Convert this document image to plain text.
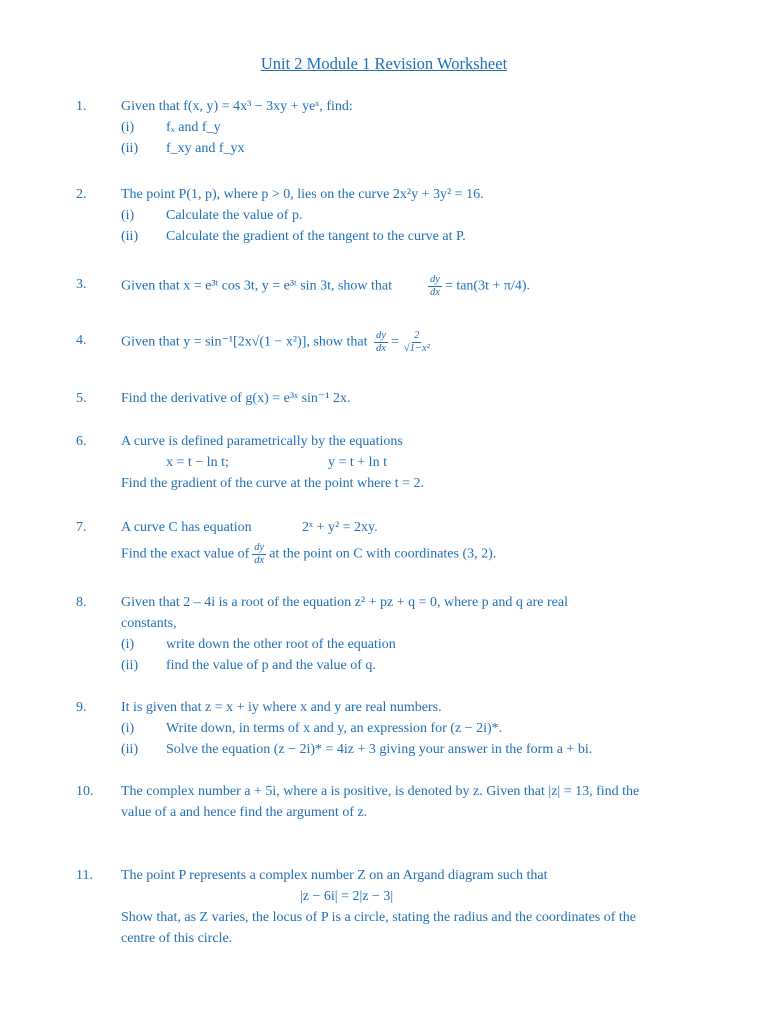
Unit 2 Module 1 Revision Worksheet
1. Given that f(x, y) = 4x³ − 3xy + yeˣ, find:
(i) fₓ and f_y
(ii) f_xy and f_yx
2. The point P(1, p), where p > 0, lies on the curve 2x²y + 3y² = 16.
(i) Calculate the value of p.
(ii) Calculate the gradient of the tangent to the curve at P.
3. Given that x = e³ᵗ cos 3t, y = e³ᵗ sin 3t, show that	$\frac{dy}{dx} = \tan(3t + \pi/4)$.
4. Given that y = sin⁻¹[2x√(1 − x²)], show that $\frac{dy}{dx} = \frac{2}{\text{√1−x²}}$
5. Find the derivative of g(x) = e³ˣ sin⁻¹ 2x.
6. A curve is defined parametrically by the equations
x = t − ln t;	y = t + ln t
Find the gradient of the curve at the point where t = 2.
7. A curve C has equation	2ˣ + y² = 2xy.
Find the exact value of $\frac{dy}{dx}$ at the point on C with coordinates (3, 2).
8. Given that 2 – 4i is a root of the equation z² + pz + q = 0, where p and q are real
constants,
(i) write down the other root of the equation
(ii) find the value of p and the value of q.
9. It is given that z = x + iy where x and y are real numbers.
(i) Write down, in terms of x and y, an expression for (z − 2i)*.
(ii) Solve the equation (z − 2i)* = 4iz + 3 giving your answer in the form a + bi.
10. The complex number a + 5i, where a is positive, is denoted by z. Given that |z| = 13, find the
value of a and hence find the argument of z.
11. The point P represents a complex number Z on an Argand diagram such that
|z − 6i| = 2|z − 3|
Show that, as Z varies, the locus of P is a circle, stating the radius and the coordinates of the
centre of this circle.
